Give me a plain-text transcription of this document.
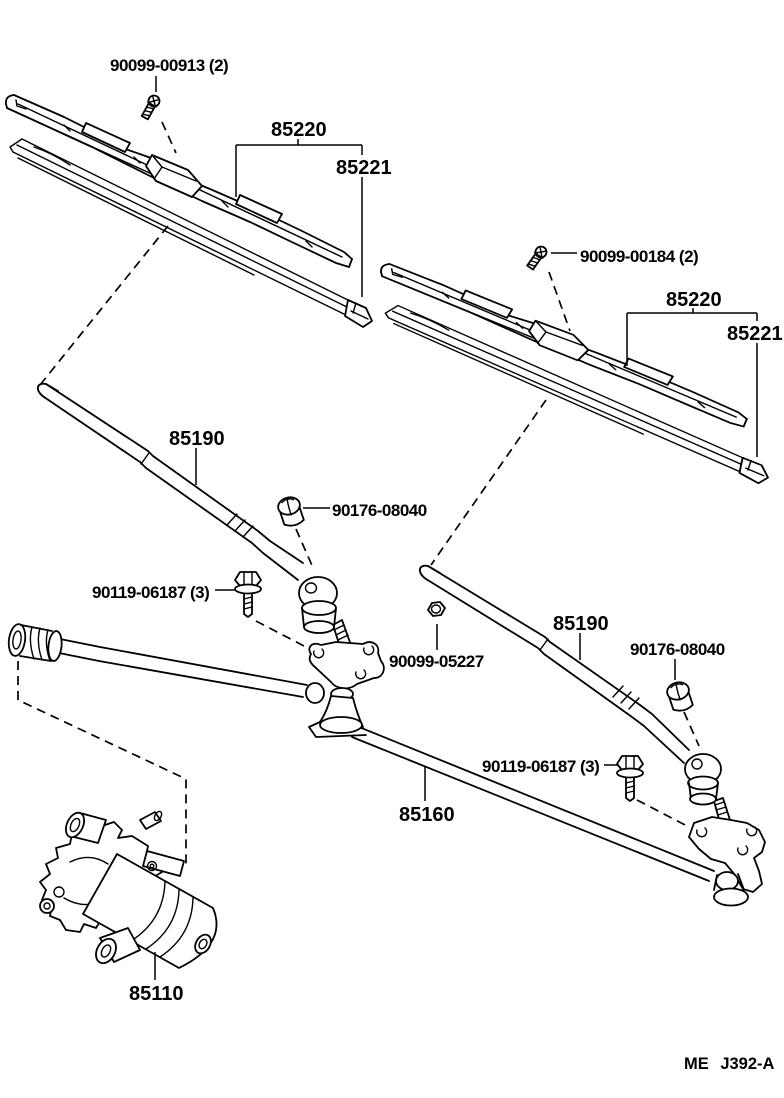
90099-00913 (2)
85220
85221
90099-00184 (2)
85220
85221
85190
90176-08040
90119-06187 (3)
90099-05227
85190
90176-08040
90119-06187 (3)
85160
85110
ME J392-A
